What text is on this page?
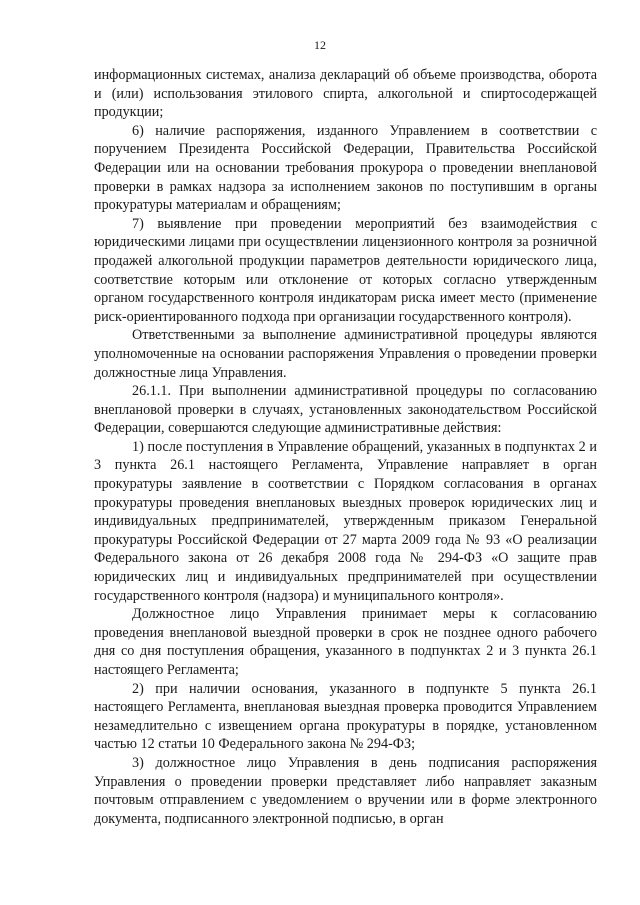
12

информационных системах, анализа деклараций об объеме производства, оборота и (или) использования этилового спирта, алкогольной и спиртосодержащей продукции;

6) наличие распоряжения, изданного Управлением в соответствии с поручением Президента Российской Федерации, Правительства Российской Федерации или на основании требования прокурора о проведении внеплановой проверки в рамках надзора за исполнением законов по поступившим в органы прокуратуры материалам и обращениям;

7) выявление при проведении мероприятий без взаимодействия с юридическими лицами при осуществлении лицензионного контроля за розничной продажей алкогольной продукции параметров деятельности юридического лица, соответствие которым или отклонение от которых согласно утвержденным органом государственного контроля индикаторам риска имеет место (применение риск-ориентированного подхода при организации государственного контроля).

Ответственными за выполнение административной процедуры являются уполномоченные на основании распоряжения Управления о проведении проверки должностные лица Управления.

26.1.1. При выполнении административной процедуры по согласованию внеплановой проверки в случаях, установленных законодательством Российской Федерации, совершаются следующие административные действия:

1) после поступления в Управление обращений, указанных в подпунктах 2 и 3 пункта 26.1 настоящего Регламента, Управление направляет в орган прокуратуры заявление в соответствии с Порядком согласования в органах прокуратуры проведения внеплановых выездных проверок юридических лиц и индивидуальных предпринимателей, утвержденным приказом Генеральной прокуратуры Российской Федерации от 27 марта 2009 года № 93 «О реализации Федерального закона от 26 декабря 2008 года № 294-ФЗ «О защите прав юридических лиц и индивидуальных предпринимателей при осуществлении государственного контроля (надзора) и муниципального контроля».

Должностное лицо Управления принимает меры к согласованию проведения внеплановой выездной проверки в срок не позднее одного рабочего дня со дня поступления обращения, указанного в подпунктах 2 и 3 пункта 26.1 настоящего Регламента;

2) при наличии основания, указанного в подпункте 5 пункта 26.1 настоящего Регламента, внеплановая выездная проверка проводится Управлением незамедлительно с извещением органа прокуратуры в порядке, установленном частью 12 статьи 10 Федерального закона № 294-ФЗ;

3) должностное лицо Управления в день подписания распоряжения Управления о проведении проверки представляет либо направляет заказным почтовым отправлением с уведомлением о вручении или в форме электронного документа, подписанного электронной подписью, в орган
